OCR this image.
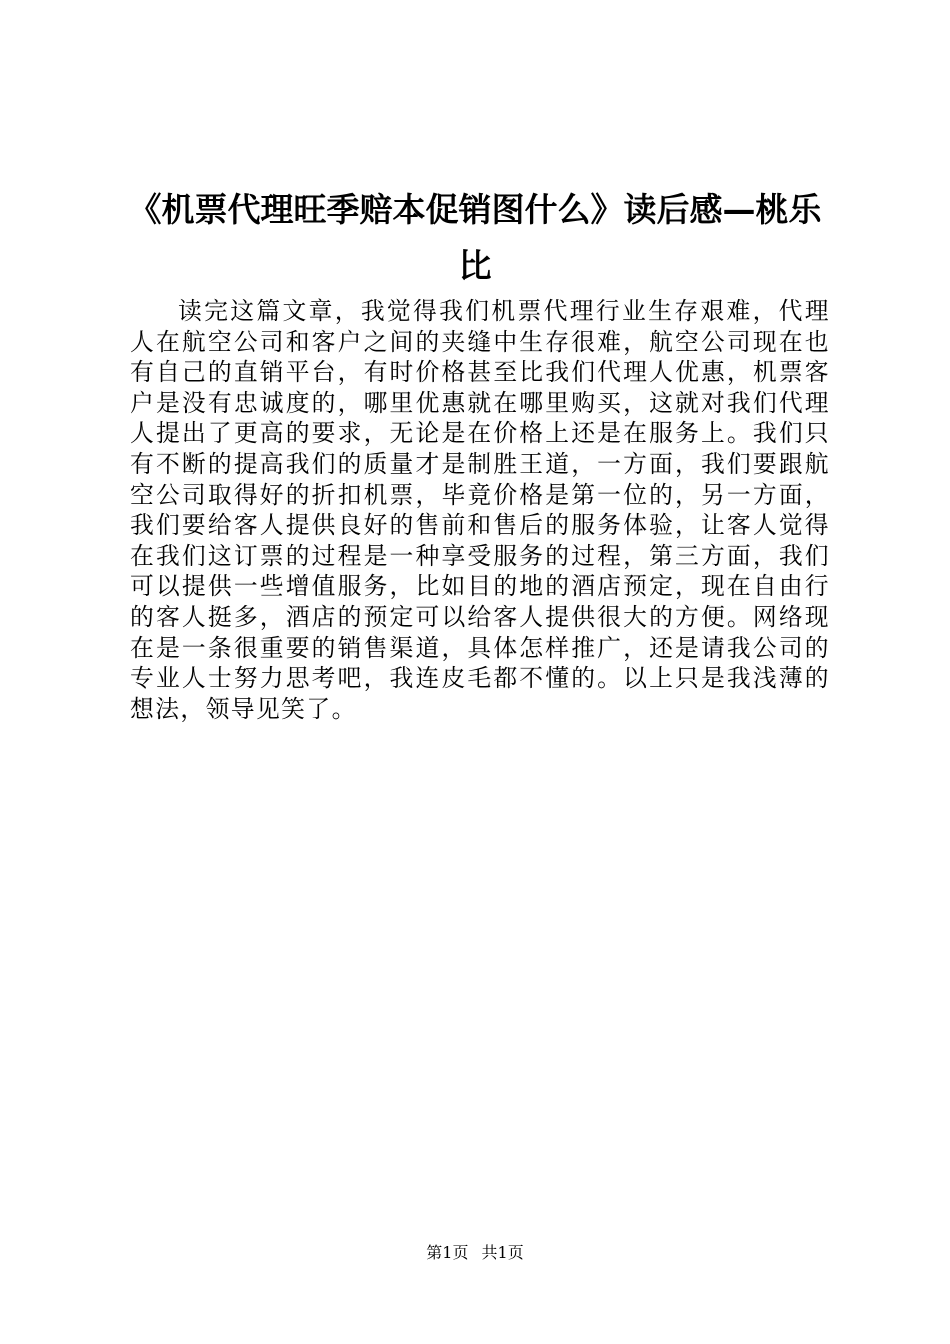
《机票代理旺季赔本促销图什么》读后感—桃乐比

读完这篇文章，我觉得我们机票代理行业生存艰难，代理人在航空公司和客户之间的夹缝中生存很难，航空公司现在也有自己的直销平台，有时价格甚至比我们代理人优惠，机票客户是没有忠诚度的，哪里优惠就在哪里购买，这就对我们代理人提出了更高的要求，无论是在价格上还是在服务上。我们只有不断的提高我们的质量才是制胜王道，一方面，我们要跟航空公司取得好的折扣机票，毕竟价格是第一位的，另一方面，我们要给客人提供良好的售前和售后的服务体验，让客人觉得在我们这订票的过程是一种享受服务的过程，第三方面，我们可以提供一些增值服务，比如目的地的酒店预定，现在自由行的客人挺多，酒店的预定可以给客人提供很大的方便。网络现在是一条很重要的销售渠道，具体怎样推广，还是请我公司的专业人士努力思考吧，我连皮毛都不懂的。以上只是我浅薄的想法，领导见笑了。

第1页 共1页
